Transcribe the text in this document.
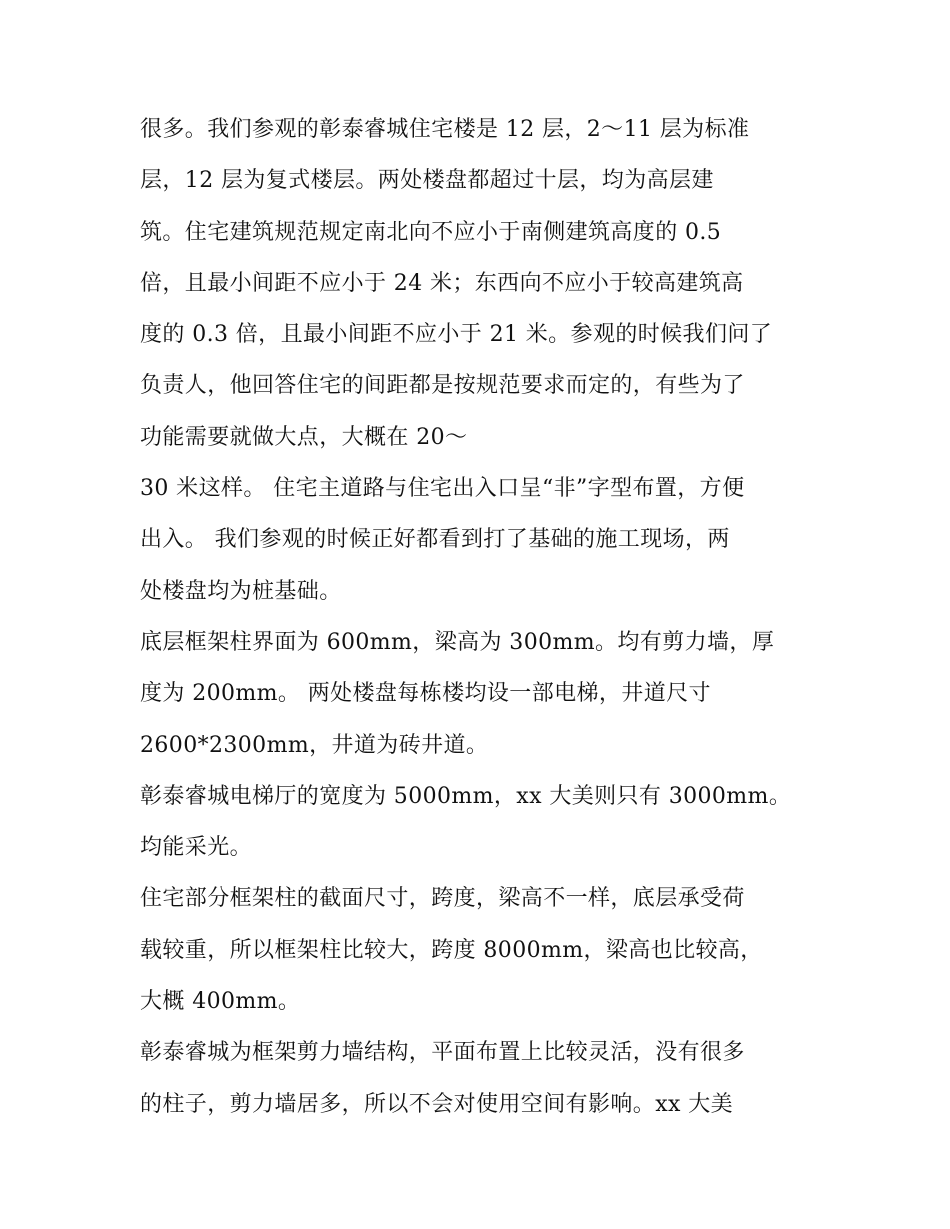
很多。我们参观的彰泰睿城住宅楼是 12 层，2～11 层为标准
层，12 层为复式楼层。两处楼盘都超过十层，均为高层建
筑。住宅建筑规范规定南北向不应小于南侧建筑高度的 0.5
倍，且最小间距不应小于 24 米；东西向不应小于较高建筑高
度的 0.3 倍，且最小间距不应小于 21 米。参观的时候我们问了
负责人，他回答住宅的间距都是按规范要求而定的，有些为了
功能需要就做大点，大概在 20～
30 米这样。 住宅主道路与住宅出入口呈“非”字型布置，方便
出入。 我们参观的时候正好都看到打了基础的施工现场，两
处楼盘均为桩基础。
底层框架柱界面为 600mm，梁高为 300mm。均有剪力墙，厚
度为 200mm。 两处楼盘每栋楼均设一部电梯，井道尺寸
2600*2300mm，井道为砖井道。
彰泰睿城电梯厅的宽度为 5000mm，xx 大美则只有 3000mm。
均能采光。
住宅部分框架柱的截面尺寸，跨度，梁高不一样，底层承受荷
载较重，所以框架柱比较大，跨度 8000mm，梁高也比较高，
大概 400mm。
彰泰睿城为框架剪力墙结构，平面布置上比较灵活，没有很多
的柱子，剪力墙居多，所以不会对使用空间有影响。xx 大美
